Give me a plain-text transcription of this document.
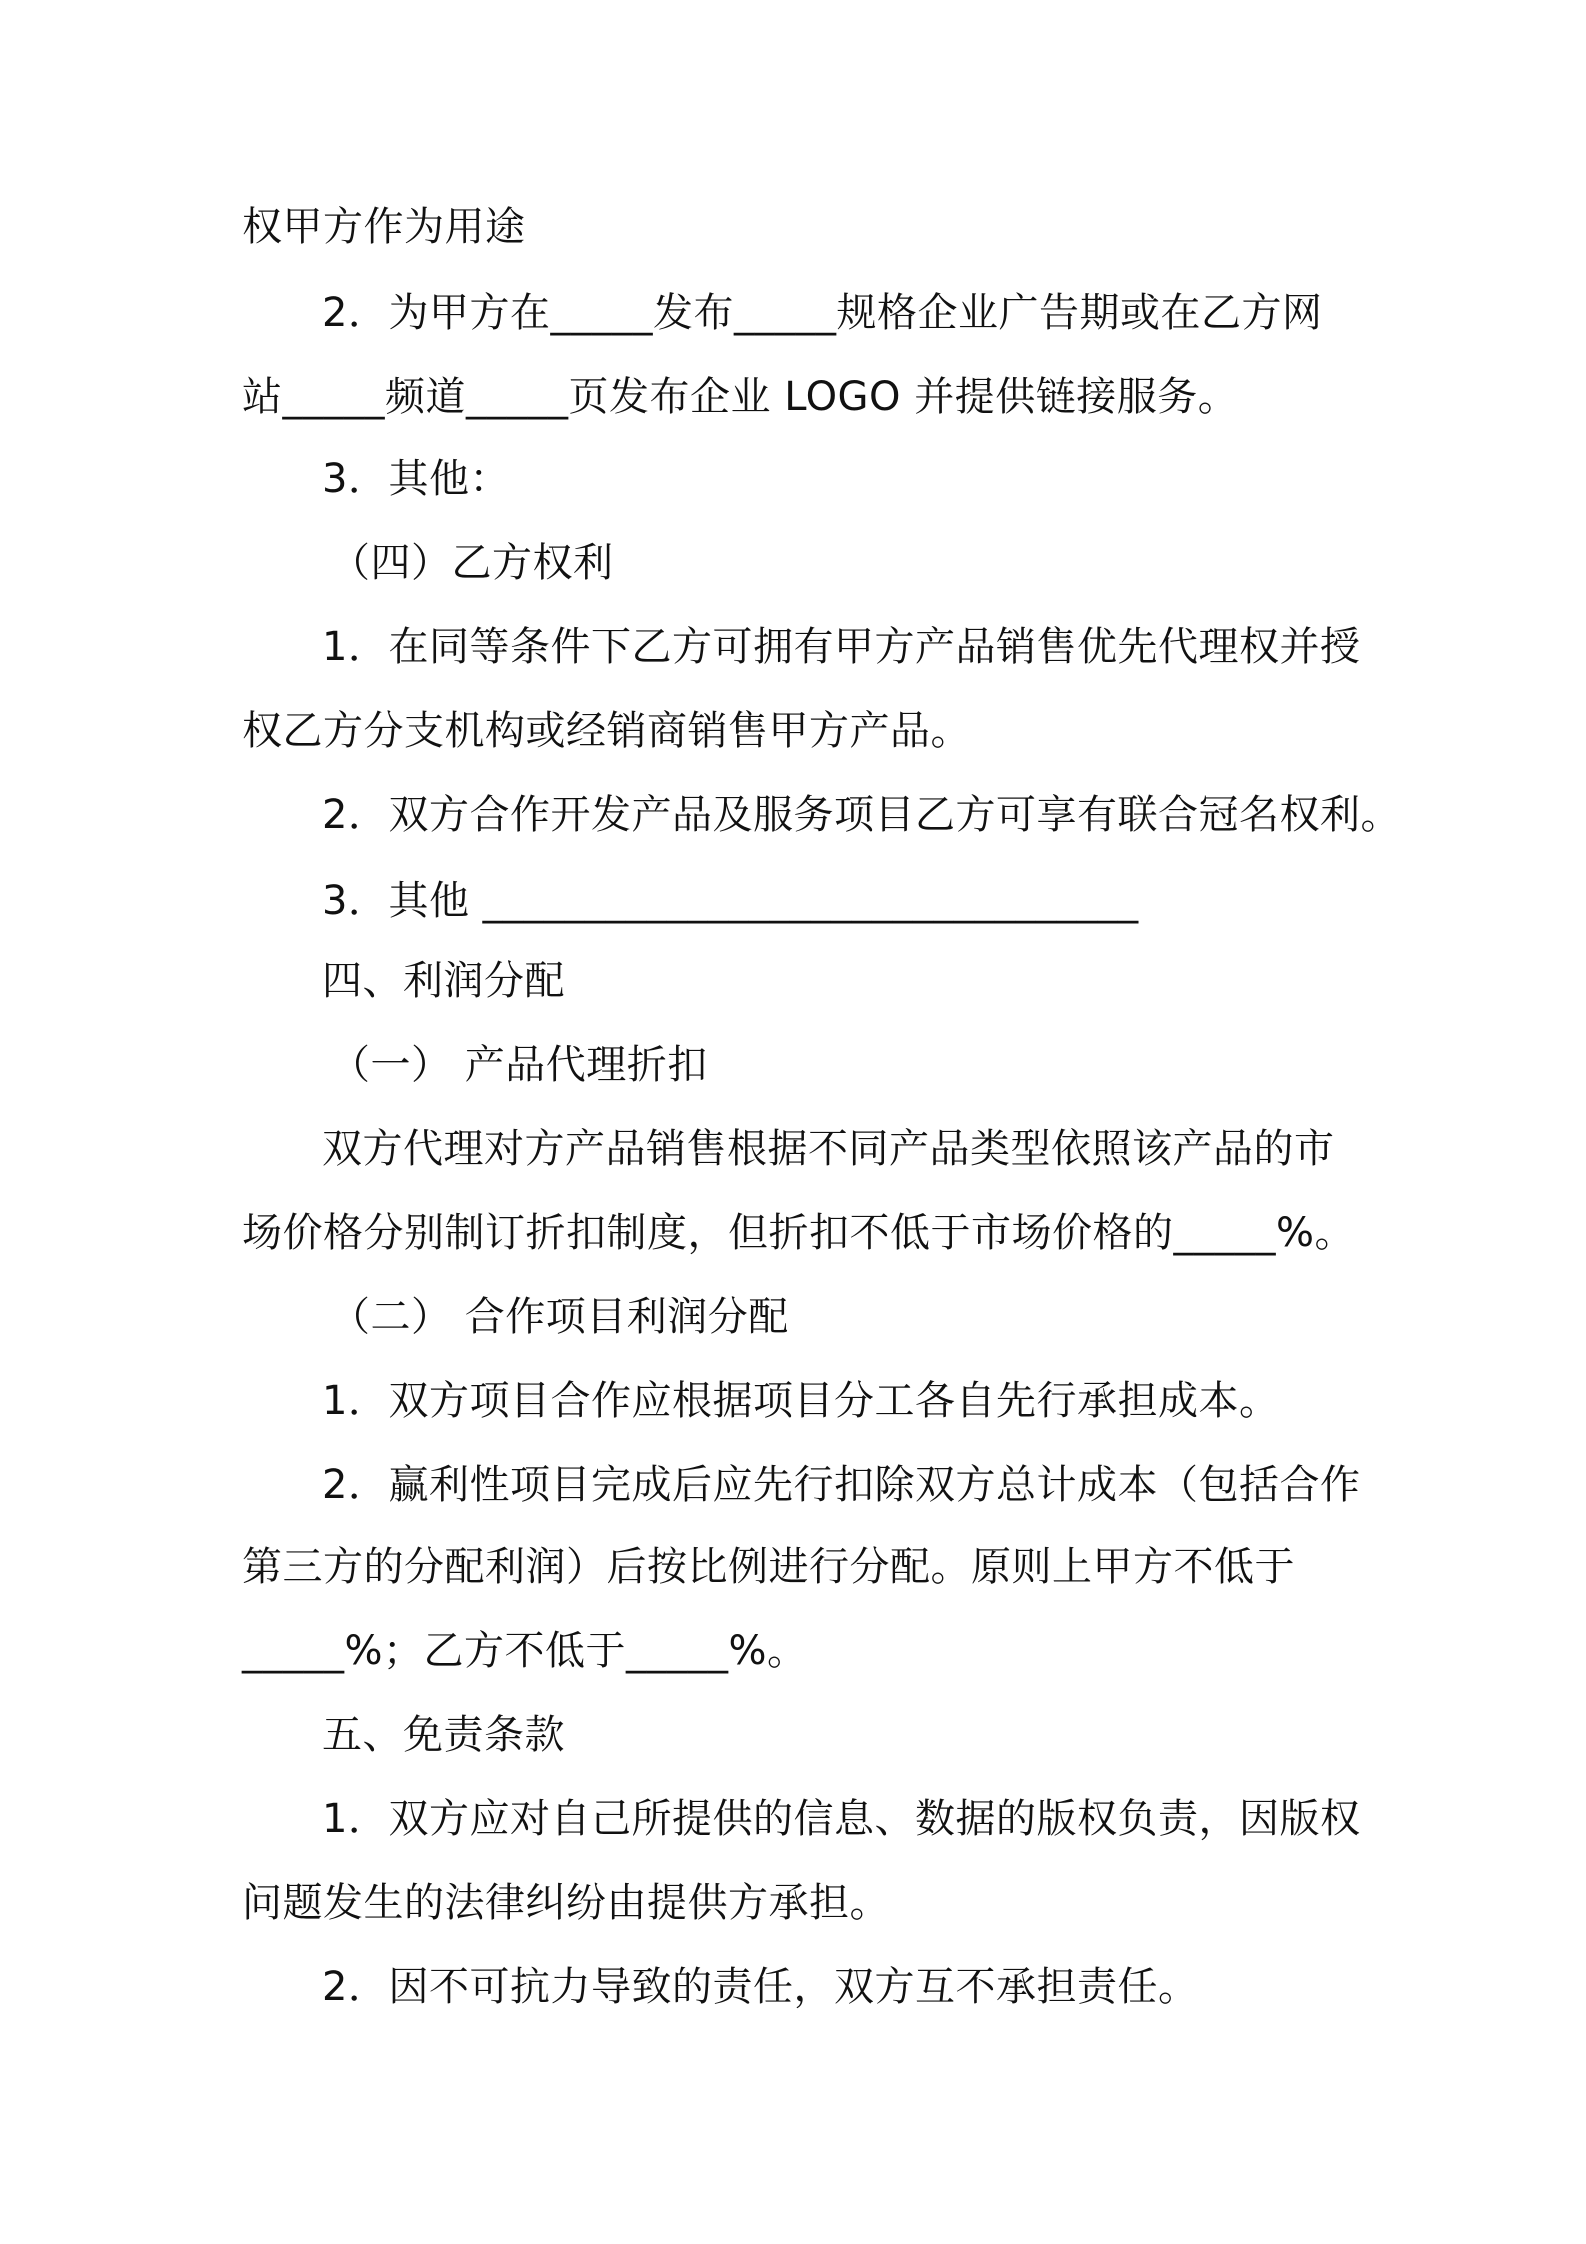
权甲方作为用途

2．为甲方在_____发布_____规格企业广告期或在乙方网

站_____频道_____页发布企业 LOGO 并提供链接服务。

3．其他：

（四）乙方权利

1．在同等条件下乙方可拥有甲方产品销售优先代理权并授

权乙方分支机构或经销商销售甲方产品。

2．双方合作开发产品及服务项目乙方可享有联合冠名权利。

3．其他 ________________________________

四、利润分配

（一） 产品代理折扣

双方代理对方产品销售根据不同产品类型依照该产品的市

场价格分别制订折扣制度，但折扣不低于市场价格的_____%。

（二） 合作项目利润分配

1．双方项目合作应根据项目分工各自先行承担成本。

2．赢利性项目完成后应先行扣除双方总计成本（包括合作

第三方的分配利润）后按比例进行分配。原则上甲方不低于

_____%；乙方不低于_____%。

五、免责条款

1．双方应对自己所提供的信息、数据的版权负责，因版权

问题发生的法律纠纷由提供方承担。

2．因不可抗力导致的责任，双方互不承担责任。
